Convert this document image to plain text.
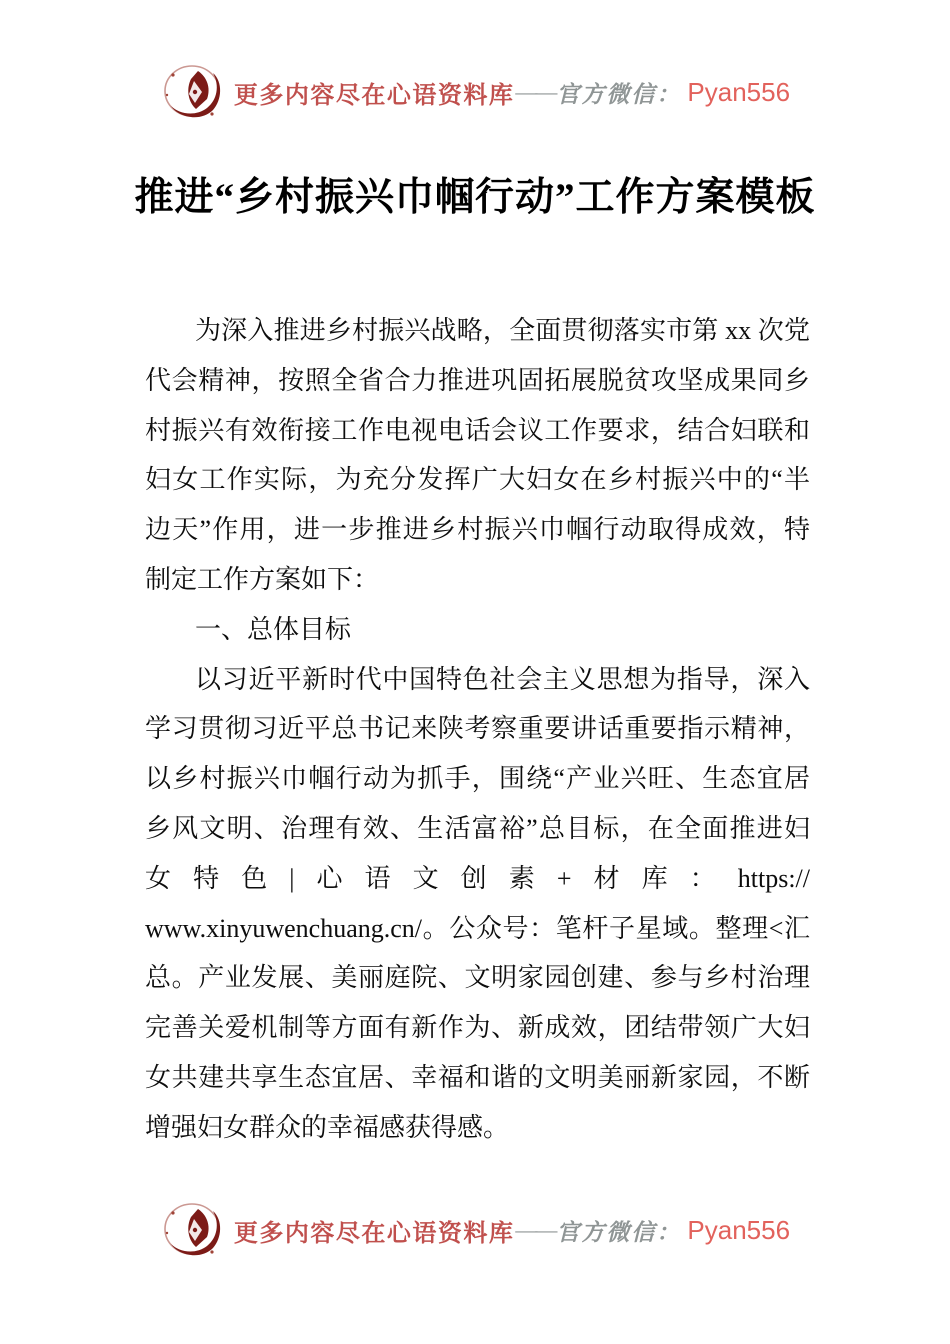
更多内容尽在心语资料库 —— 官方微信： Pyan556
推进“乡村振兴巾帼行动”工作方案模板
为深入推进乡村振兴战略，全面贯彻落实市第 xx 次党
代会精神，按照全省合力推进巩固拓展脱贫攻坚成果同乡
村振兴有效衔接工作电视电话会议工作要求，结合妇联和
妇女工作实际，为充分发挥广大妇女在乡村振兴中的“半
边天”作用，进一步推进乡村振兴巾帼行动取得成效，特
制定工作方案如下：
一、总体目标
以习近平新时代中国特色社会主义思想为指导，深入
学习贯彻习近平总书记来陕考察重要讲话重要指示精神，
以乡村振兴巾帼行动为抓手，围绕“产业兴旺、生态宜居
乡风文明、治理有效、生活富裕”总目标，在全面推进妇
女特色|心语文创素+材库：https://
www.xinyuwenchuang.cn/。公众号：笔杆子星域。整理<汇
总。产业发展、美丽庭院、文明家园创建、参与乡村治理
完善关爱机制等方面有新作为、新成效，团结带领广大妇
女共建共享生态宜居、幸福和谐的文明美丽新家园，不断
增强妇女群众的幸福感获得感。
更多内容尽在心语资料库 —— 官方微信： Pyan556
